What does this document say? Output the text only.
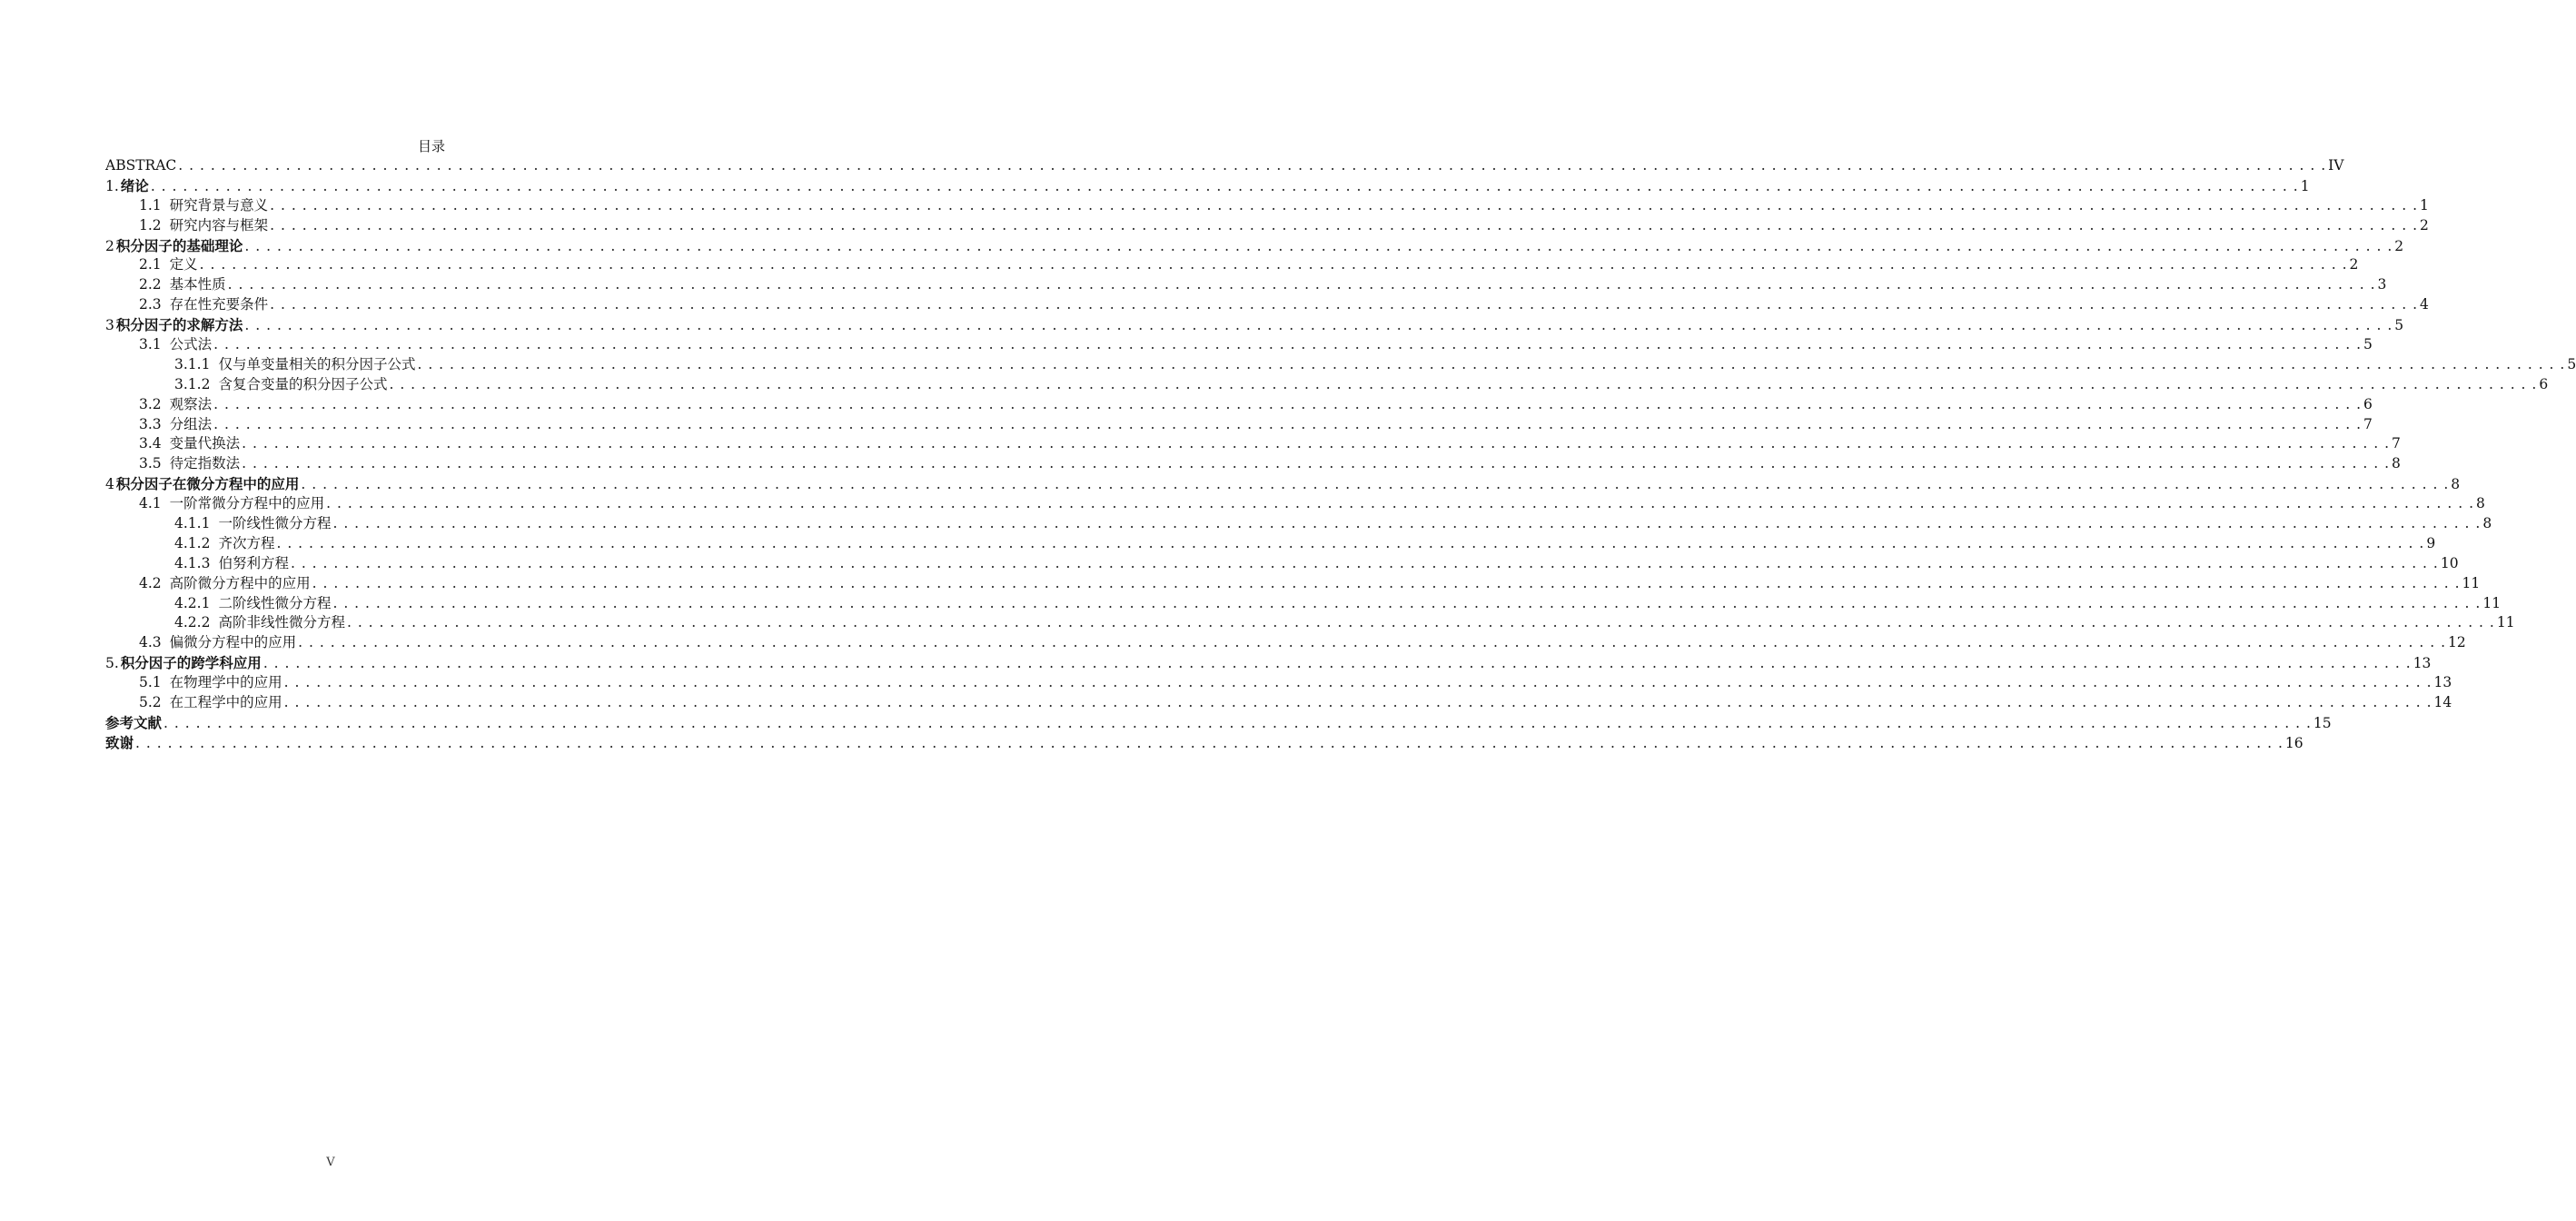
目录
ABSTRAC . . . . . . . . . . . . . . . . . . . . . . . . . . . . . . . . . . . . . . . . . . . . . . . . . . . . . . . . . . . . . . . . . . . . . . . . . . . . . . . . . . . . . . . . . . . . . . . . . . . . . . . . . . . . . . . . . . . . . . . . . . . . . . . . . . . . . . . . . . . . . . . . . . . . . . . . . . . . . . . . . . . . . . . . . . . . . . . . . . . . . . . . . . . . . . . . . . . . . . . . IV
1. 绪论 . . . . . . . . . . . . . . . . . . . . . . . . . . . . . . . . . . . . . . . . . . . . . . . . . . . . . . . . . . . . . . . . . . . . . . . . . . . . . . . . . . . . . . . . . . . . . . . . . . . . . . . . . . . . . . . . . . . . . . . . . . . . . . . . . . . . . . . . . . . . . . . . . . . . . . . . . . . . . . . . . . . . . . . . . . . . . . . . . . . . . . . . . . . . . . . . . . . . . . . . 1
1.1 研究背景与意义 . . . . . . . . . . . . . . . . . . . . . . . . . . . . . . . . . . . . . . . . . . . . . . . . . . . . . . . . . . . . . . . . . . . . . . . . . . . . . . . . . . . . . . . . . . . . . . . . . . . . . . . . . . . . . . . . . . . . . . . . . . . . . . . . . . . . . . . . . . . . . . . . . . . . . . . . . . . . . . . . . . . . . . . . . . . . . . . . . . . . . . . . . . . . . . . . . . . . . . . . 1
1.2 研究内容与框架 . . . . . . . . . . . . . . . . . . . . . . . . . . . . . . . . . . . . . . . . . . . . . . . . . . . . . . . . . . . . . . . . . . . . . . . . . . . . . . . . . . . . . . . . . . . . . . . . . . . . . . . . . . . . . . . . . . . . . . . . . . . . . . . . . . . . . . . . . . . . . . . . . . . . . . . . . . . . . . . . . . . . . . . . . . . . . . . . . . . . . . . . . . . . . . . . . . . . . . . . 2
2 积分因子的基础理论 . . . . . . . . . . . . . . . . . . . . . . . . . . . . . . . . . . . . . . . . . . . . . . . . . . . . . . . . . . . . . . . . . . . . . . . . . . . . . . . . . . . . . . . . . . . . . . . . . . . . . . . . . . . . . . . . . . . . . . . . . . . . . . . . . . . . . . . . . . . . . . . . . . . . . . . . . . . . . . . . . . . . . . . . . . . . . . . . . . . . . . . . . . . . . . . . . . . . . . . . 2
2.1 定义 . . . . . . . . . . . . . . . . . . . . . . . . . . . . . . . . . . . . . . . . . . . . . . . . . . . . . . . . . . . . . . . . . . . . . . . . . . . . . . . . . . . . . . . . . . . . . . . . . . . . . . . . . . . . . . . . . . . . . . . . . . . . . . . . . . . . . . . . . . . . . . . . . . . . . . . . . . . . . . . . . . . . . . . . . . . . . . . . . . . . . . . . . . . . . . . . . . . . . . . . 2
2.2 基本性质 . . . . . . . . . . . . . . . . . . . . . . . . . . . . . . . . . . . . . . . . . . . . . . . . . . . . . . . . . . . . . . . . . . . . . . . . . . . . . . . . . . . . . . . . . . . . . . . . . . . . . . . . . . . . . . . . . . . . . . . . . . . . . . . . . . . . . . . . . . . . . . . . . . . . . . . . . . . . . . . . . . . . . . . . . . . . . . . . . . . . . . . . . . . . . . . . . . . . . . . . 3
2.3 存在性充要条件 . . . . . . . . . . . . . . . . . . . . . . . . . . . . . . . . . . . . . . . . . . . . . . . . . . . . . . . . . . . . . . . . . . . . . . . . . . . . . . . . . . . . . . . . . . . . . . . . . . . . . . . . . . . . . . . . . . . . . . . . . . . . . . . . . . . . . . . . . . . . . . . . . . . . . . . . . . . . . . . . . . . . . . . . . . . . . . . . . . . . . . . . . . . . . . . . . . . . . . . . 4
3 积分因子的求解方法 . . . . . . . . . . . . . . . . . . . . . . . . . . . . . . . . . . . . . . . . . . . . . . . . . . . . . . . . . . . . . . . . . . . . . . . . . . . . . . . . . . . . . . . . . . . . . . . . . . . . . . . . . . . . . . . . . . . . . . . . . . . . . . . . . . . . . . . . . . . . . . . . . . . . . . . . . . . . . . . . . . . . . . . . . . . . . . . . . . . . . . . . . . . . . . . . . . . . . . . . 5
3.1 公式法 . . . . . . . . . . . . . . . . . . . . . . . . . . . . . . . . . . . . . . . . . . . . . . . . . . . . . . . . . . . . . . . . . . . . . . . . . . . . . . . . . . . . . . . . . . . . . . . . . . . . . . . . . . . . . . . . . . . . . . . . . . . . . . . . . . . . . . . . . . . . . . . . . . . . . . . . . . . . . . . . . . . . . . . . . . . . . . . . . . . . . . . . . . . . . . . . . . . . . . . . 5
3.1.1 仅与单变量相关的积分因子公式 . . . . . . . . . . . . . . . . . . . . . . . . . . . . . . . . . . . . . . . . . . . . . . . . . . . . . . . . . . . . . . . . . . . . . . . . . . . . . . . . . . . . . . . . . . . . . . . . . . . . . . . . . . . . . . . . . . . . . . . . . . . . . . . . . . . . . . . . . . . . . . . . . . . . . . . . . . . . . . . . . . . . . . . . . . . . . . . . . . . . . . . . . . . . . . . . . . . . . . . . 5
3.1.2 含复合变量的积分因子公式 . . . . . . . . . . . . . . . . . . . . . . . . . . . . . . . . . . . . . . . . . . . . . . . . . . . . . . . . . . . . . . . . . . . . . . . . . . . . . . . . . . . . . . . . . . . . . . . . . . . . . . . . . . . . . . . . . . . . . . . . . . . . . . . . . . . . . . . . . . . . . . . . . . . . . . . . . . . . . . . . . . . . . . . . . . . . . . . . . . . . . . . . . . . . . . . . . . . . . . . . 6
3.2 观察法 . . . . . . . . . . . . . . . . . . . . . . . . . . . . . . . . . . . . . . . . . . . . . . . . . . . . . . . . . . . . . . . . . . . . . . . . . . . . . . . . . . . . . . . . . . . . . . . . . . . . . . . . . . . . . . . . . . . . . . . . . . . . . . . . . . . . . . . . . . . . . . . . . . . . . . . . . . . . . . . . . . . . . . . . . . . . . . . . . . . . . . . . . . . . . . . . . . . . . . . . 6
3.3 分组法 . . . . . . . . . . . . . . . . . . . . . . . . . . . . . . . . . . . . . . . . . . . . . . . . . . . . . . . . . . . . . . . . . . . . . . . . . . . . . . . . . . . . . . . . . . . . . . . . . . . . . . . . . . . . . . . . . . . . . . . . . . . . . . . . . . . . . . . . . . . . . . . . . . . . . . . . . . . . . . . . . . . . . . . . . . . . . . . . . . . . . . . . . . . . . . . . . . . . . . . . 7
3.4 变量代换法 . . . . . . . . . . . . . . . . . . . . . . . . . . . . . . . . . . . . . . . . . . . . . . . . . . . . . . . . . . . . . . . . . . . . . . . . . . . . . . . . . . . . . . . . . . . . . . . . . . . . . . . . . . . . . . . . . . . . . . . . . . . . . . . . . . . . . . . . . . . . . . . . . . . . . . . . . . . . . . . . . . . . . . . . . . . . . . . . . . . . . . . . . . . . . . . . . . . . . . . . 7
3.5 待定指数法 . . . . . . . . . . . . . . . . . . . . . . . . . . . . . . . . . . . . . . . . . . . . . . . . . . . . . . . . . . . . . . . . . . . . . . . . . . . . . . . . . . . . . . . . . . . . . . . . . . . . . . . . . . . . . . . . . . . . . . . . . . . . . . . . . . . . . . . . . . . . . . . . . . . . . . . . . . . . . . . . . . . . . . . . . . . . . . . . . . . . . . . . . . . . . . . . . . . . . . . . 8
4 积分因子在微分方程中的应用 . . . . . . . . . . . . . . . . . . . . . . . . . . . . . . . . . . . . . . . . . . . . . . . . . . . . . . . . . . . . . . . . . . . . . . . . . . . . . . . . . . . . . . . . . . . . . . . . . . . . . . . . . . . . . . . . . . . . . . . . . . . . . . . . . . . . . . . . . . . . . . . . . . . . . . . . . . . . . . . . . . . . . . . . . . . . . . . . . . . . . . . . . . . . . . . . . . . . . . . . 8
4.1 一阶常微分方程中的应用 . . . . . . . . . . . . . . . . . . . . . . . . . . . . . . . . . . . . . . . . . . . . . . . . . . . . . . . . . . . . . . . . . . . . . . . . . . . . . . . . . . . . . . . . . . . . . . . . . . . . . . . . . . . . . . . . . . . . . . . . . . . . . . . . . . . . . . . . . . . . . . . . . . . . . . . . . . . . . . . . . . . . . . . . . . . . . . . . . . . . . . . . . . . . . . . . . . . . . . . . 8
4.1.1 一阶线性微分方程 . . . . . . . . . . . . . . . . . . . . . . . . . . . . . . . . . . . . . . . . . . . . . . . . . . . . . . . . . . . . . . . . . . . . . . . . . . . . . . . . . . . . . . . . . . . . . . . . . . . . . . . . . . . . . . . . . . . . . . . . . . . . . . . . . . . . . . . . . . . . . . . . . . . . . . . . . . . . . . . . . . . . . . . . . . . . . . . . . . . . . . . . . . . . . . . . . . . . . . . . 8
4.1.2 齐次方程 . . . . . . . . . . . . . . . . . . . . . . . . . . . . . . . . . . . . . . . . . . . . . . . . . . . . . . . . . . . . . . . . . . . . . . . . . . . . . . . . . . . . . . . . . . . . . . . . . . . . . . . . . . . . . . . . . . . . . . . . . . . . . . . . . . . . . . . . . . . . . . . . . . . . . . . . . . . . . . . . . . . . . . . . . . . . . . . . . . . . . . . . . . . . . . . . . . . . . . . . 9
4.1.3 伯努利方程 . . . . . . . . . . . . . . . . . . . . . . . . . . . . . . . . . . . . . . . . . . . . . . . . . . . . . . . . . . . . . . . . . . . . . . . . . . . . . . . . . . . . . . . . . . . . . . . . . . . . . . . . . . . . . . . . . . . . . . . . . . . . . . . . . . . . . . . . . . . . . . . . . . . . . . . . . . . . . . . . . . . . . . . . . . . . . . . . . . . . . . . . . . . . . . . . . . . . . . . . 10
4.2 高阶微分方程中的应用 . . . . . . . . . . . . . . . . . . . . . . . . . . . . . . . . . . . . . . . . . . . . . . . . . . . . . . . . . . . . . . . . . . . . . . . . . . . . . . . . . . . . . . . . . . . . . . . . . . . . . . . . . . . . . . . . . . . . . . . . . . . . . . . . . . . . . . . . . . . . . . . . . . . . . . . . . . . . . . . . . . . . . . . . . . . . . . . . . . . . . . . . . . . . . . . . . . . . . . . . 11
4.2.1 二阶线性微分方程 . . . . . . . . . . . . . . . . . . . . . . . . . . . . . . . . . . . . . . . . . . . . . . . . . . . . . . . . . . . . . . . . . . . . . . . . . . . . . . . . . . . . . . . . . . . . . . . . . . . . . . . . . . . . . . . . . . . . . . . . . . . . . . . . . . . . . . . . . . . . . . . . . . . . . . . . . . . . . . . . . . . . . . . . . . . . . . . . . . . . . . . . . . . . . . . . . . . . . . . . 11
4.2.2 高阶非线性微分方程 . . . . . . . . . . . . . . . . . . . . . . . . . . . . . . . . . . . . . . . . . . . . . . . . . . . . . . . . . . . . . . . . . . . . . . . . . . . . . . . . . . . . . . . . . . . . . . . . . . . . . . . . . . . . . . . . . . . . . . . . . . . . . . . . . . . . . . . . . . . . . . . . . . . . . . . . . . . . . . . . . . . . . . . . . . . . . . . . . . . . . . . . . . . . . . . . . . . . . . . . 11
4.3 偏微分方程中的应用 . . . . . . . . . . . . . . . . . . . . . . . . . . . . . . . . . . . . . . . . . . . . . . . . . . . . . . . . . . . . . . . . . . . . . . . . . . . . . . . . . . . . . . . . . . . . . . . . . . . . . . . . . . . . . . . . . . . . . . . . . . . . . . . . . . . . . . . . . . . . . . . . . . . . . . . . . . . . . . . . . . . . . . . . . . . . . . . . . . . . . . . . . . . . . . . . . . . . . . . . 12
5. 积分因子的跨学科应用 . . . . . . . . . . . . . . . . . . . . . . . . . . . . . . . . . . . . . . . . . . . . . . . . . . . . . . . . . . . . . . . . . . . . . . . . . . . . . . . . . . . . . . . . . . . . . . . . . . . . . . . . . . . . . . . . . . . . . . . . . . . . . . . . . . . . . . . . . . . . . . . . . . . . . . . . . . . . . . . . . . . . . . . . . . . . . . . . . . . . . . . . . . . . . . . . . . . . . . . . 13
5.1 在物理学中的应用 . . . . . . . . . . . . . . . . . . . . . . . . . . . . . . . . . . . . . . . . . . . . . . . . . . . . . . . . . . . . . . . . . . . . . . . . . . . . . . . . . . . . . . . . . . . . . . . . . . . . . . . . . . . . . . . . . . . . . . . . . . . . . . . . . . . . . . . . . . . . . . . . . . . . . . . . . . . . . . . . . . . . . . . . . . . . . . . . . . . . . . . . . . . . . . . . . . . . . . . . 13
5.2 在工程学中的应用 . . . . . . . . . . . . . . . . . . . . . . . . . . . . . . . . . . . . . . . . . . . . . . . . . . . . . . . . . . . . . . . . . . . . . . . . . . . . . . . . . . . . . . . . . . . . . . . . . . . . . . . . . . . . . . . . . . . . . . . . . . . . . . . . . . . . . . . . . . . . . . . . . . . . . . . . . . . . . . . . . . . . . . . . . . . . . . . . . . . . . . . . . . . . . . . . . . . . . . . . 14
参考文献 . . . . . . . . . . . . . . . . . . . . . . . . . . . . . . . . . . . . . . . . . . . . . . . . . . . . . . . . . . . . . . . . . . . . . . . . . . . . . . . . . . . . . . . . . . . . . . . . . . . . . . . . . . . . . . . . . . . . . . . . . . . . . . . . . . . . . . . . . . . . . . . . . . . . . . . . . . . . . . . . . . . . . . . . . . . . . . . . . . . . . . . . . . . . . . . . . . . . . . . . 15
致谢 . . . . . . . . . . . . . . . . . . . . . . . . . . . . . . . . . . . . . . . . . . . . . . . . . . . . . . . . . . . . . . . . . . . . . . . . . . . . . . . . . . . . . . . . . . . . . . . . . . . . . . . . . . . . . . . . . . . . . . . . . . . . . . . . . . . . . . . . . . . . . . . . . . . . . . . . . . . . . . . . . . . . . . . . . . . . . . . . . . . . . . . . . . . . . . . . . . . . . . . . 16
V
